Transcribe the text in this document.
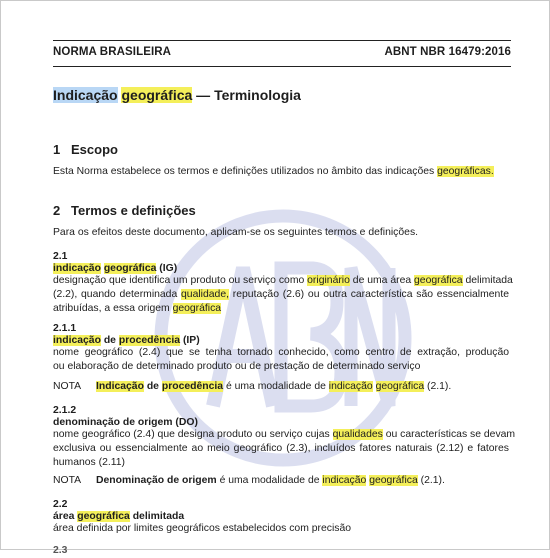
NORMA BRASILEIRA	ABNT NBR 16479:2016
Indicação geográfica — Terminologia
1 Escopo
Esta Norma estabelece os termos e definições utilizados no âmbito das indicações geográficas.
2 Termos e definições
Para os efeitos deste documento, aplicam-se os seguintes termos e definições.
2.1
indicação geográfica (IG)
designação que identifica um produto ou serviço como originário de uma área geográfica delimitada
(2.2), quando determinada qualidade, reputação (2.6) ou outra característica são essencialmente
atribuídas, a essa origem geográfica
2.1.1
indicação de procedência (IP)
nome geográfico (2.4) que se tenha tornado conhecido, como centro de extração, produção
ou elaboração de determinado produto ou de prestação de determinado serviço
NOTA Indicação de procedência é uma modalidade de indicação geográfica (2.1).
2.1.2
denominação de origem (DO)
nome geográfico (2.4) que designa produto ou serviço cujas qualidades ou características se devam
exclusiva ou essencialmente ao meio geográfico (2.3), incluídos fatores naturais (2.12) e fatores
humanos (2.11)
NOTA Denominação de origem é uma modalidade de indicação geográfica (2.1).
2.2
área geográfica delimitada
área definida por limites geográficos estabelecidos com precisão
2.3
